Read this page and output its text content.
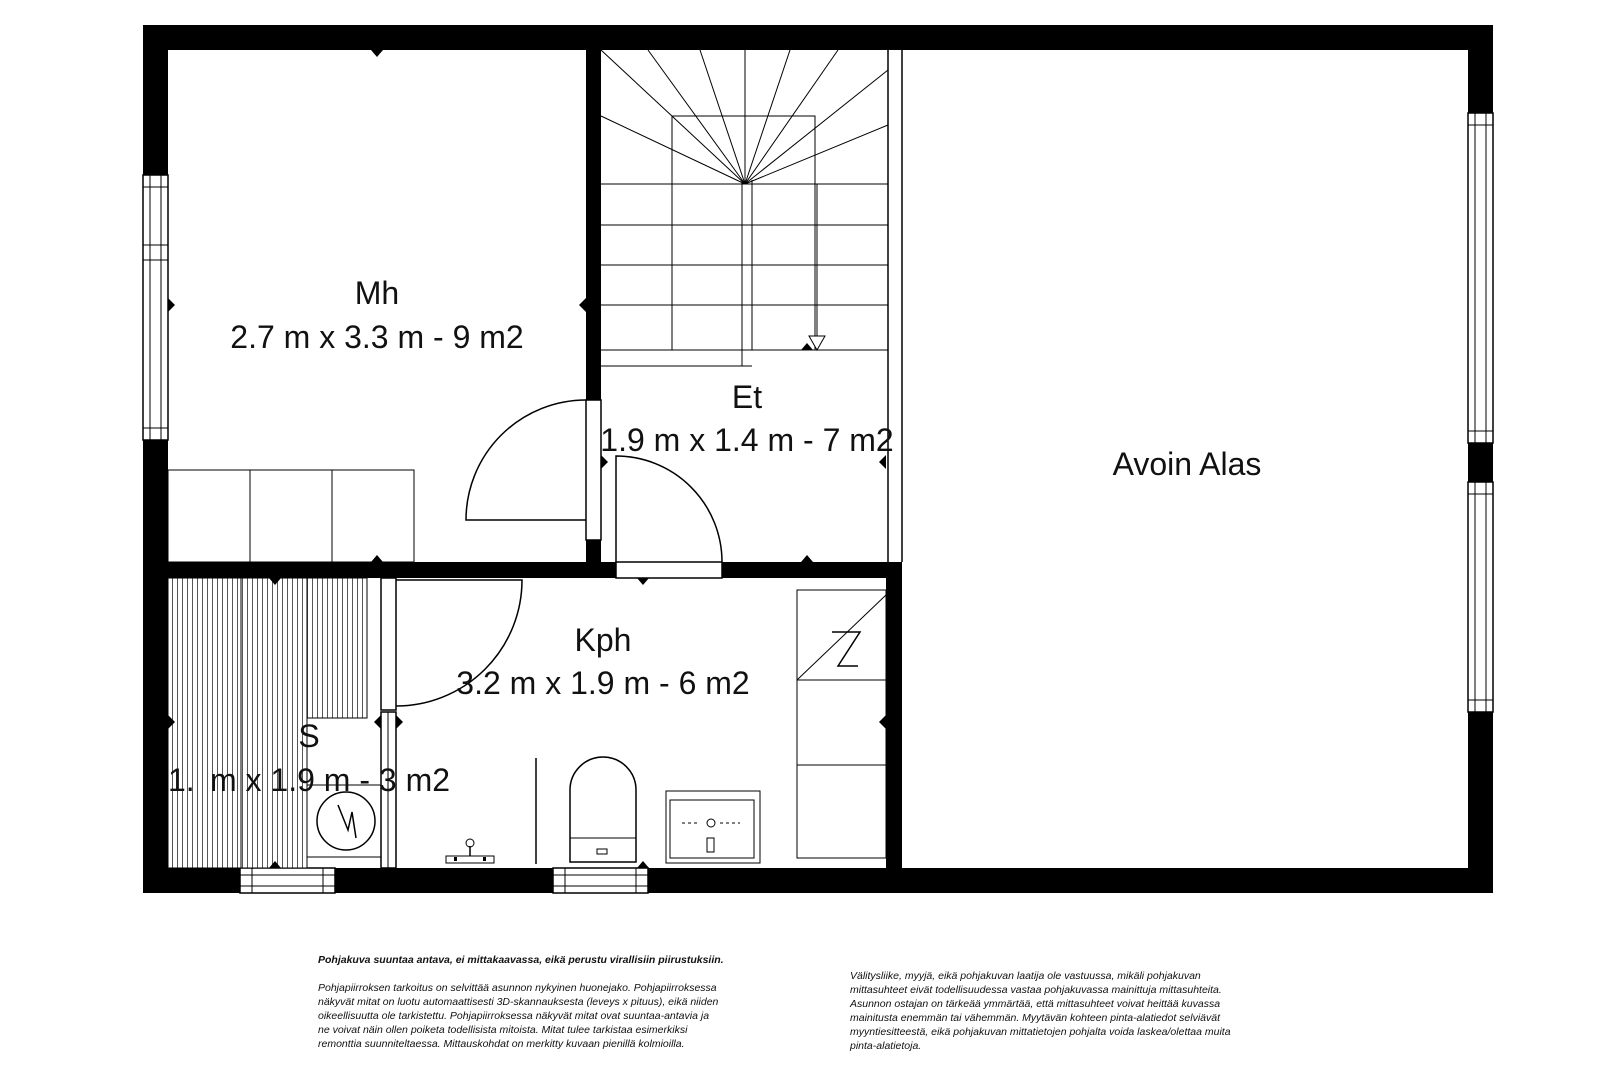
Mh
2.7 m x 3.3 m - 9 m2
Et
1.9 m x 1.4 m - 7 m2
Kph
3.2 m x 1.9 m - 6 m2
S
1.  m x 1.9 m - 3 m2
Avoin Alas
Pohjakuva suuntaa antava, ei mittakaavassa, eikä perustu virallisiin piirustuksiin.
Pohjapiirroksen tarkoitus on selvittää asunnon nykyinen huonejako. Pohjapiirroksessa
näkyvät mitat on luotu automaattisesti 3D-skannauksesta (leveys x pituus), eikä niiden
oikeellisuutta ole tarkistettu. Pohjapiirroksessa näkyvät mitat ovat suuntaa-antavia ja
ne voivat näin ollen poiketa todellisista mitoista. Mitat tulee tarkistaa esimerkiksi
remonttia suunniteltaessa. Mittauskohdat on merkitty kuvaan pienillä kolmioilla.
Välitysliike, myyjä, eikä pohjakuvan laatija ole vastuussa, mikäli pohjakuvan
mittasuhteet eivät todellisuudessa vastaa pohjakuvassa mainittuja mittasuhteita.
Asunnon ostajan on tärkeää ymmärtää, että mittasuhteet voivat heittää kuvassa
mainitusta enemmän tai vähemmän. Myytävän kohteen pinta-alatiedot selviävät
myyntiesitteestä, eikä pohjakuvan mittatietojen pohjalta voida laskea/olettaa muita
pinta-alatietoja.
